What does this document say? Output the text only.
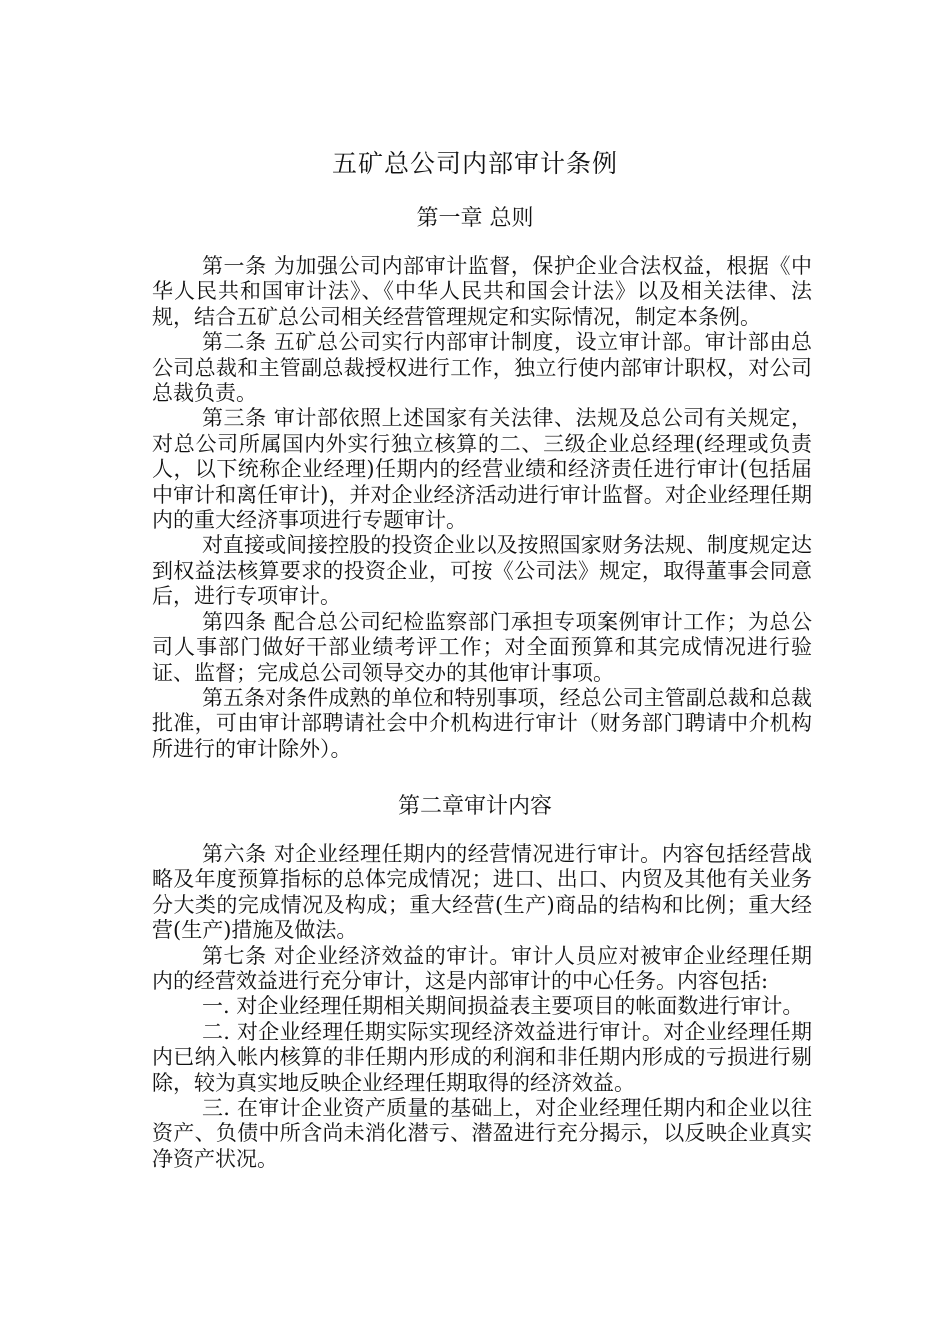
五矿总公司内部审计条例
第一章 总则

第一条 为加强公司内部审计监督，保护企业合法权益，根据《中华人民共和国审计法》、《中华人民共和国会计法》以及相关法律、法规，结合五矿总公司相关经营管理规定和实际情况，制定本条例。

第二条 五矿总公司实行内部审计制度，设立审计部。审计部由总公司总裁和主管副总裁授权进行工作，独立行使内部审计职权，对公司总裁负责。

第三条 审计部依照上述国家有关法律、法规及总公司有关规定，对总公司所属国内外实行独立核算的二、三级企业总经理(经理或负责人，以下统称企业经理)任期内的经营业绩和经济责任进行审计(包括届中审计和离任审计)，并对企业经济活动进行审计监督。对企业经理任期内的重大经济事项进行专题审计。

对直接或间接控股的投资企业以及按照国家财务法规、制度规定达到权益法核算要求的投资企业，可按《公司法》规定，取得董事会同意后，进行专项审计。

第四条 配合总公司纪检监察部门承担专项案例审计工作；为总公司人事部门做好干部业绩考评工作；对全面预算和其完成情况进行验证、监督；完成总公司领导交办的其他审计事项。

第五条对条件成熟的单位和特别事项，经总公司主管副总裁和总裁批准，可由审计部聘请社会中介机构进行审计（财务部门聘请中介机构所进行的审计除外）。

第二章审计内容

第六条 对企业经理任期内的经营情况进行审计。内容包括经营战略及年度预算指标的总体完成情况；进口、出口、内贸及其他有关业务分大类的完成情况及构成；重大经营(生产)商品的结构和比例；重大经营(生产)措施及做法。

第七条 对企业经济效益的审计。审计人员应对被审企业经理任期内的经营效益进行充分审计，这是内部审计的中心任务。内容包括:

一. 对企业经理任期相关期间损益表主要项目的帐面数进行审计。

二. 对企业经理任期实际实现经济效益进行审计。对企业经理任期内已纳入帐内核算的非任期内形成的利润和非任期内形成的亏损进行剔除，较为真实地反映企业经理任期取得的经济效益。

三. 在审计企业资产质量的基础上，对企业经理任期内和企业以往资产、负债中所含尚未消化潜亏、潜盈进行充分揭示，以反映企业真实净资产状况。
